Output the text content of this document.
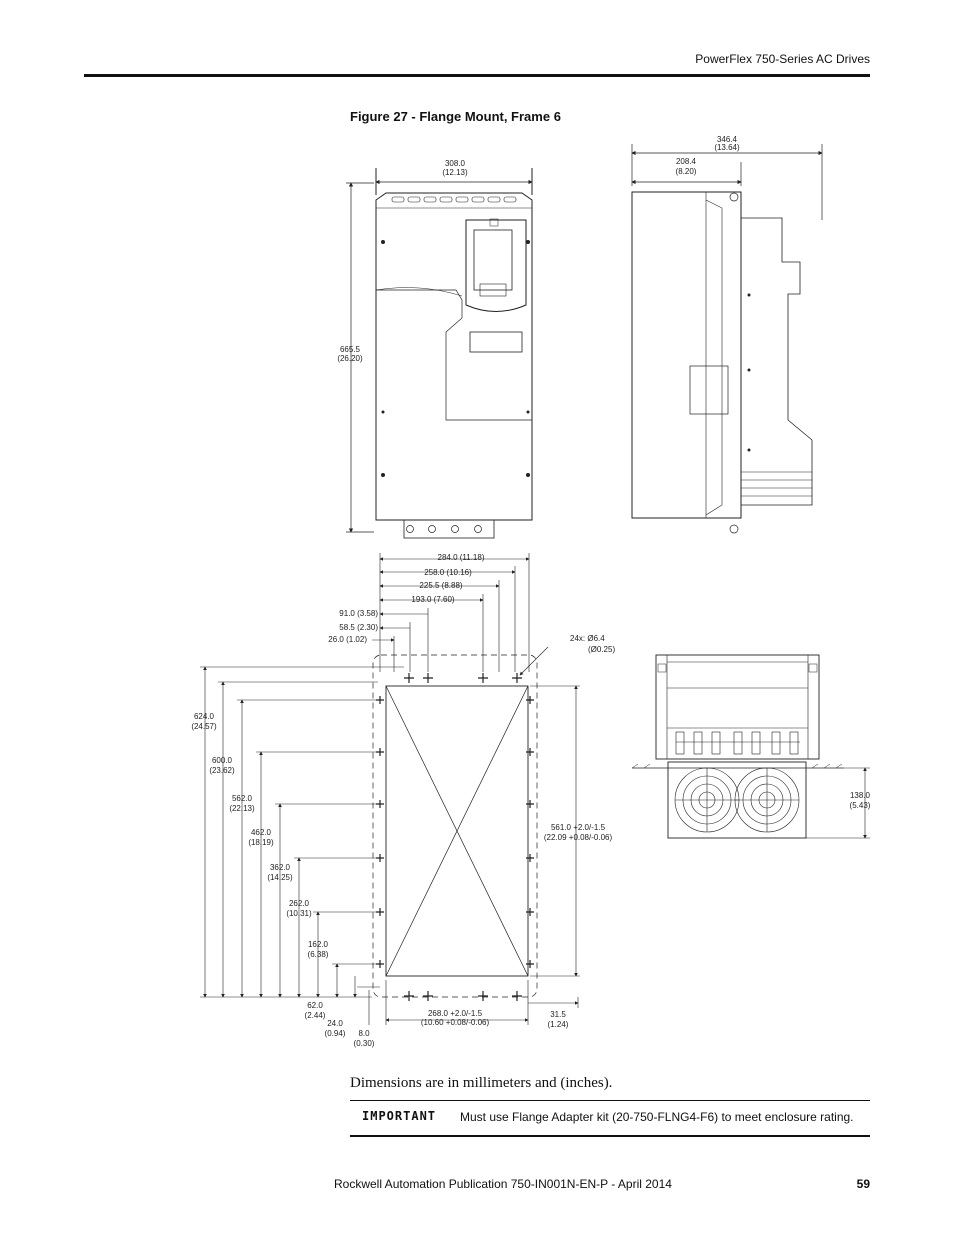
PowerFlex 750-Series AC Drives
Figure 27 - Flange Mount, Frame 6
308.0
(12.13)
665.5
(26.20)
346.4
(13.64)
208.4
(8.20)
284.0 (11.18)
258.0 (10.16)
225.5 (8.88)
193.0 (7.60)
91.0 (3.58)
58.5 (2.30)
26.0 (1.02)	24x: Ø6.4
(Ø0.25)
624.0
(24.57)
600.0
(23.62)
562.0
(22.13)
462.0
(18.19)
362.0
(14.25)
262.0
(10.31)
162.0
(6.38)
62.0
(2.44)
24.0
(0.94) 8.0
(0.30)
561.0 +2.0/-1.5
(22.09 +0.08/-0.06)
268.0 +2.0/-1.5
(10.60 +0.08/-0.06)
31.5
(1.24)
138.0
(5.43)
Dimensions are in millimeters and (inches).
IMPORTANT Must use Flange Adapter kit (20-750-FLNG4-F6) to meet enclosure rating.
Rockwell Automation Publication 750-IN001N-EN-P - April 2014	59
